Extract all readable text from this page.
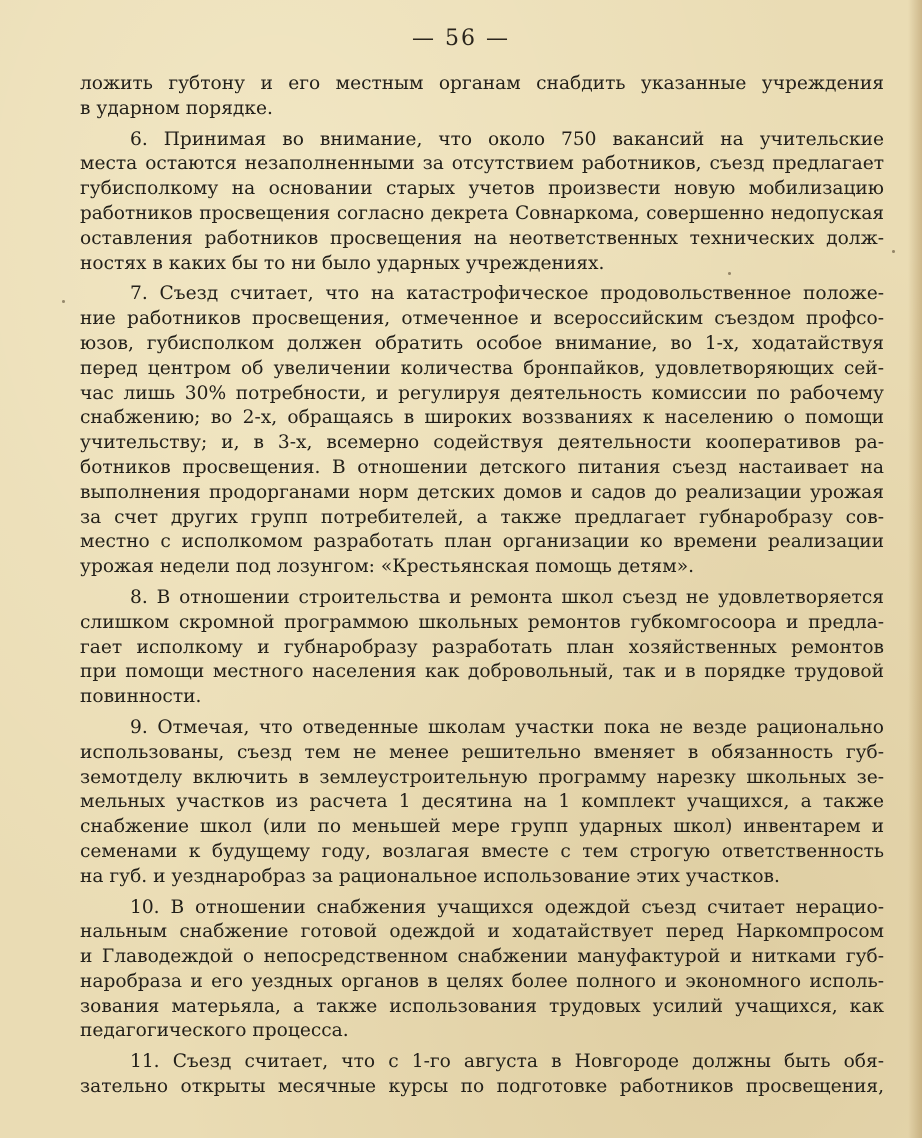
— 56 —
ложить губтону и его местным органам снабдить указанные учреждения
в ударном порядке.
6. Принимая во внимание, что около 750 вакансий на учительские
места остаются незаполненными за отсутствием работников, съезд предлагает
губисполкому на основании старых учетов произвести новую мобилизацию
работников просвещения согласно декрета Совнаркома, совершенно недопуская
оставления работников просвещения на неответственных технических долж-
ностях в каких бы то ни было ударных учреждениях.
7. Съезд считает, что на катастрофическое продовольственное положе-
ние работников просвещения, отмеченное и всероссийским съездом профсо-
юзов, губисполком должен обратить особое внимание, во 1-х, ходатайствуя
перед центром об увеличении количества бронпайков, удовлетворяющих сей-
час лишь 30% потребности, и регулируя деятельность комиссии по рабочему
снабжению; во 2-х, обращаясь в широких воззваниях к населению о помощи
учительству; и, в 3-х, всемерно содействуя деятельности кооперативов ра-
ботников просвещения. В отношении детского питания съезд настаивает на
выполнения продорганами норм детских домов и садов до реализации урожая
за счет других групп потребителей, а также предлагает губнаробразу сов-
местно с исполкомом разработать план организации ко времени реализации
урожая недели под лозунгом: «Крестьянская помощь детям».
8. В отношении строительства и ремонта школ съезд не удовлетворяется
слишком скромной программою школьных ремонтов губкомгосоора и предла-
гает исполкому и губнаробразу разработать план хозяйственных ремонтов
при помощи местного населения как добровольный, так и в порядке трудовой
повинности.
9. Отмечая, что отведенные школам участки пока не везде рационально
использованы, съезд тем не менее решительно вменяет в обязанность губ-
земотделу включить в землеустроительную программу нарезку школьных зе-
мельных участков из расчета 1 десятина на 1 комплект учащихся, а также
снабжение школ (или по меньшей мере групп ударных школ) инвентарем и
семенами к будущему году, возлагая вместе с тем строгую ответственность
на губ. и уезднаробраз за рациональное использование этих участков.
10. В отношении снабжения учащихся одеждой съезд считает нерацио-
нальным снабжение готовой одеждой и ходатайствует перед Наркомпросом
и Главодеждой о непосредственном снабжении мануфактурой и нитками губ-
наробраза и его уездных органов в целях более полного и экономного исполь-
зования матерьяла, а также использования трудовых усилий учащихся, как
педагогического процесса.
11. Съезд считает, что с 1-го августа в Новгороде должны быть обя-
зательно открыты месячные курсы по подготовке работников просвещения,
